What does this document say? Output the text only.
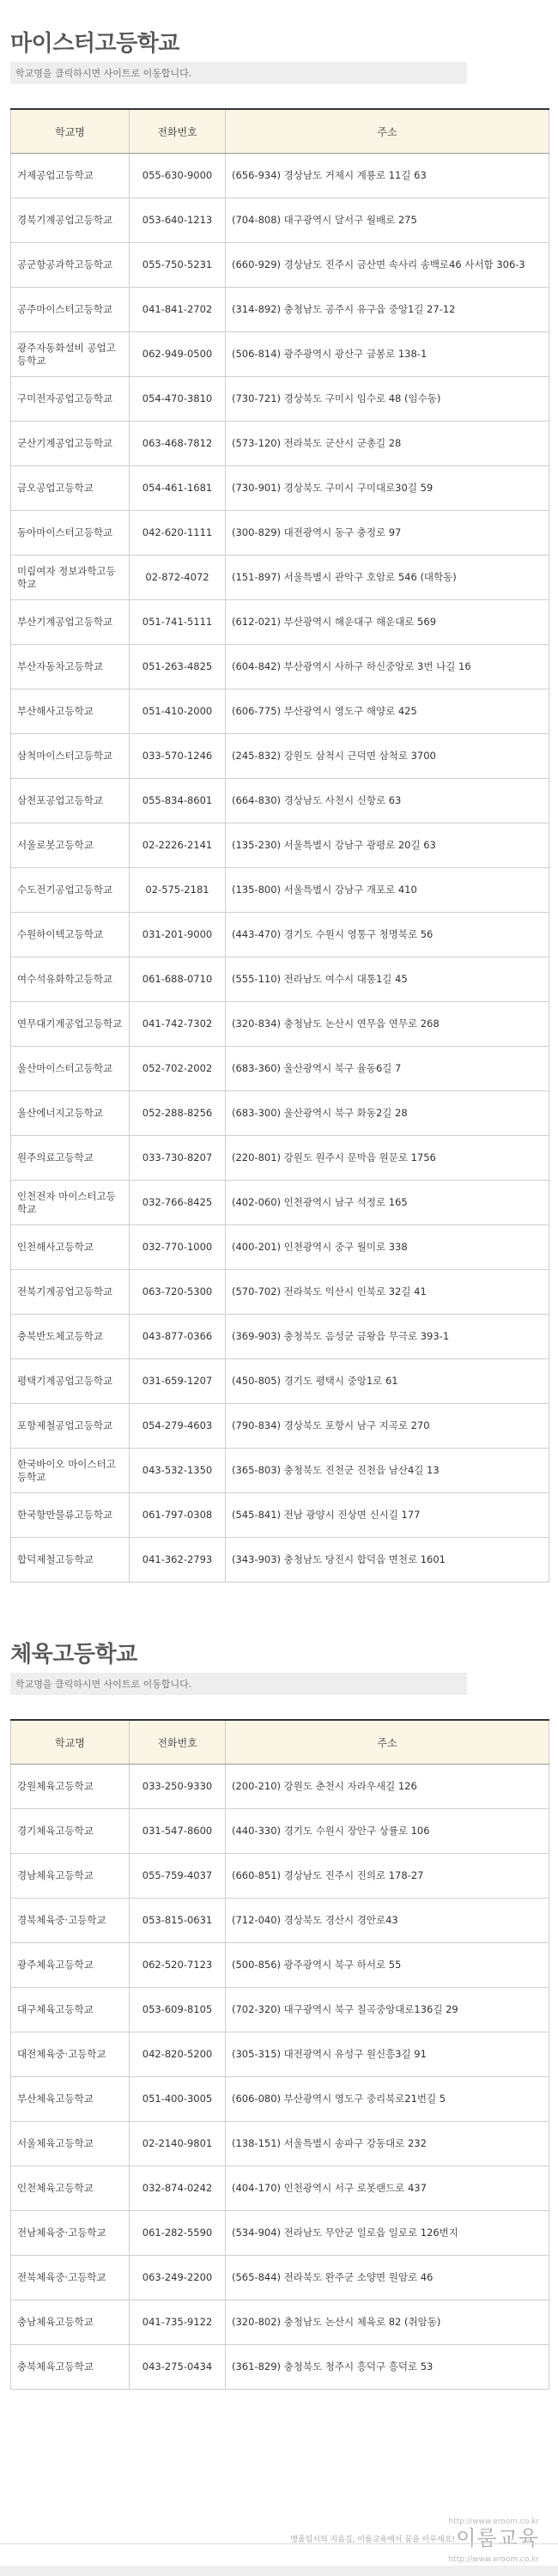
마이스터고등학교
학교명을 클릭하시면 사이트로 이동합니다.
학교명	전화번호	주소
거제공업고등학교	055-630-9000	(656-934) 경상남도 거제시 계룡로 11길 63
경북기계공업고등학교	053-640-1213	(704-808) 대구광역시 달서구 월배로 275
공군항공과학고등학교	055-750-5231	(660-929) 경상남도 진주시 금산면 속사리 송백로46 사서함 306-3
공주마이스터고등학교	041-841-2702	(314-892) 충청남도 공주시 유구읍 중앙1길 27-12
광주자동화설비 공업고등학교	062-949-0500	(506-814) 광주광역시 광산구 금봉로 138-1
구미전자공업고등학교	054-470-3810	(730-721) 경상북도 구미시 임수로 48 (임수동)
군산기계공업고등학교	063-468-7812	(573-120) 전라북도 군산시 군총길 28
금오공업고등학교	054-461-1681	(730-901) 경상북도 구미시 구미대로30길 59
동아마이스터고등학교	042-620-1111	(300-829) 대전광역시 동구 충정로 97
미림여자 정보과학고등학교	02-872-4072	(151-897) 서울특별시 관악구 호암로 546 (대학동)
부산기계공업고등학교	051-741-5111	(612-021) 부산광역시 해운대구 해운대로 569
부산자동차고등학교	051-263-4825	(604-842) 부산광역시 사하구 하신중앙로 3번 나길 16
부산해사고등학교	051-410-2000	(606-775) 부산광역시 영도구 해양로 425
삼척마이스터고등학교	033-570-1246	(245-832) 강원도 삼척시 근덕면 삼척로 3700
삼천포공업고등학교	055-834-8601	(664-830) 경상남도 사천시 신항로 63
서울로봇고등학교	02-2226-2141	(135-230) 서울특별시 강남구 광평로 20길 63
수도전기공업고등학교	02-575-2181	(135-800) 서울특별시 강남구 개포로 410
수원하이텍고등학교	031-201-9000	(443-470) 경기도 수원시 영통구 청명북로 56
여수석유화학고등학교	061-688-0710	(555-110) 전라남도 여수시 대통1길 45
연무대기계공업고등학교	041-742-7302	(320-834) 충청남도 논산시 연무읍 연무로 268
울산마이스터고등학교	052-702-2002	(683-360) 울산광역시 북구 율동6길 7
울산에너지고등학교	052-288-8256	(683-300) 울산광역시 북구 화동2길 28
원주의료고등학교	033-730-8207	(220-801) 강원도 원주시 문막읍 원문로 1756
인천전자 마이스터고등학교	032-766-8425	(402-060) 인천광역시 남구 석정로 165
인천해사고등학교	032-770-1000	(400-201) 인천광역시 중구 월미로 338
전북기계공업고등학교	063-720-5300	(570-702) 전라북도 익산시 인북로 32길 41
충북반도체고등학교	043-877-0366	(369-903) 충청북도 음성군 금왕읍 무극로 393-1
평택기계공업고등학교	031-659-1207	(450-805) 경기도 평택시 중앙1로 61
포항제철공업고등학교	054-279-4603	(790-834) 경상북도 포항시 남구 지곡로 270
한국바이오 마이스터고등학교	043-532-1350	(365-803) 충청북도 진천군 진천읍 남산4길 13
한국항만물류고등학교	061-797-0308	(545-841) 전남 광양시 진상면 신시길 177
합덕제철고등학교	041-362-2793	(343-903) 충청남도 당진시 합덕읍 면천로 1601
체육고등학교
학교명을 클릭하시면 사이트로 이동합니다.
학교명	전화번호	주소
강원체육고등학교	033-250-9330	(200-210) 강원도 춘천시 자라우새길 126
경기체육고등학교	031-547-8600	(440-330) 경기도 수원시 장안구 상률로 106
경남체육고등학교	055-759-4037	(660-851) 경상남도 진주시 진의로 178-27
경북체육중·고등학교	053-815-0631	(712-040) 경상북도 경산시 경안로43
광주체육고등학교	062-520-7123	(500-856) 광주광역시 북구 하서로 55
대구체육고등학교	053-609-8105	(702-320) 대구광역시 북구 칠곡중앙대로136길 29
대전체육중·고등학교	042-820-5200	(305-315) 대전광역시 유성구 원신흥3길 91
부산체육고등학교	051-400-3005	(606-080) 부산광역시 영도구 중리북로21번길 5
서울체육고등학교	02-2140-9801	(138-151) 서울특별시 송파구 강동대로 232
인천체육고등학교	032-874-0242	(404-170) 인천광역시 서구 로봇랜드로 437
전남체육중·고등학교	061-282-5590	(534-904) 전라남도 무안군 일로읍 일로로 126번지
전북체육중·고등학교	063-249-2200	(565-844) 전라북도 완주군 소양면 원암로 46
충남체육고등학교	041-735-9122	(320-802) 충청남도 논산시 체육로 82 (취암동)
충북체육고등학교	043-275-0434	(361-829) 충청북도 청주시 흥덕구 흥덕로 53
http://www.eroom.co.kr
이룸교육
명품입시의 지름길, 이룸교육에서 꿈을 이루세요!
http://www.eroom.co.kr
